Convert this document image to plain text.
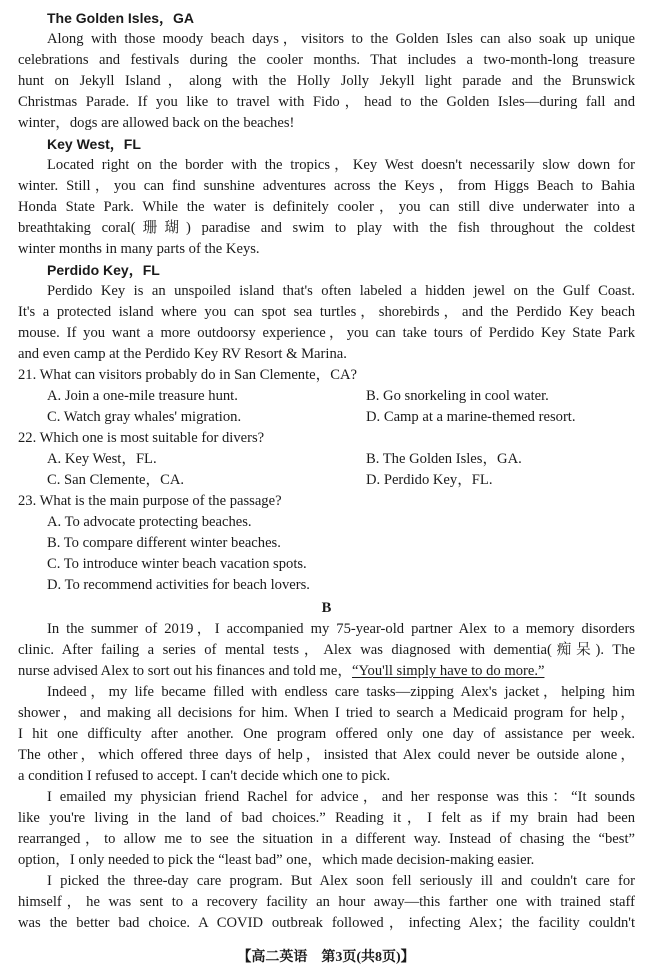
The Golden Isles，GA
Along with those moody beach days，visitors to the Golden Isles can also soak up unique
celebrations and festivals during the cooler months. That includes a two-month-long treasure
hunt on Jekyll Island，along with the Holly Jolly Jekyll light parade and the Brunswick
Christmas Parade. If you like to travel with Fido，head to the Golden Isles—during fall and
winter，dogs are allowed back on the beaches!
Key West，FL
Located right on the border with the tropics，Key West doesn't necessarily slow down for
winter. Still，you can find sunshine adventures across the Keys，from Higgs Beach to Bahia
Honda State Park. While the water is definitely cooler，you can still dive underwater into a
breathtaking coral(珊瑚) paradise and swim to play with the fish throughout the coldest
winter months in many parts of the Keys.
Perdido Key，FL
Perdido Key is an unspoiled island that's often labeled a hidden jewel on the Gulf Coast.
It's a protected island where you can spot sea turtles，shorebirds，and the Perdido Key beach
mouse. If you want a more outdoorsy experience，you can take tours of Perdido Key State Park
and even camp at the Perdido Key RV Resort & Marina.
21. What can visitors probably do in San Clemente，CA?
A. Join a one-mile treasure hunt.	B. Go snorkeling in cool water.
C. Watch gray whales' migration.	D. Camp at a marine-themed resort.
22. Which one is most suitable for divers?
A. Key West，FL.	B. The Golden Isles，GA.
C. San Clemente，CA.	D. Perdido Key，FL.
23. What is the main purpose of the passage?
A. To advocate protecting beaches.
B. To compare different winter beaches.
C. To introduce winter beach vacation spots.
D. To recommend activities for beach lovers.
B
In the summer of 2019，I accompanied my 75-year-old partner Alex to a memory disorders
clinic. After failing a series of mental tests，Alex was diagnosed with dementia(痴呆). The
nurse advised Alex to sort out his finances and told me，“You'll simply have to do more.”
Indeed，my life became filled with endless care tasks—zipping Alex's jacket，helping him
shower，and making all decisions for him. When I tried to search a Medicaid program for help，
I hit one difficulty after another. One program offered only one day of assistance per week.
The other，which offered three days of help，insisted that Alex could never be outside alone，
a condition I refused to accept. I can't decide which one to pick.
I emailed my physician friend Rachel for advice，and her response was this：“It sounds
like you're living in the land of bad choices.” Reading it，I felt as if my brain had been
rearranged，to allow me to see the situation in a different way. Instead of chasing the “best”
option，I only needed to pick the “least bad” one，which made decision-making easier.
I picked the three-day care program. But Alex soon fell seriously ill and couldn't care for
himself，he was sent to a recovery facility an hour away—this farther one with trained staff
was the better bad choice. A COVID outbreak followed，infecting Alex；the facility couldn't
【高二英语　第3页(共8页)】
